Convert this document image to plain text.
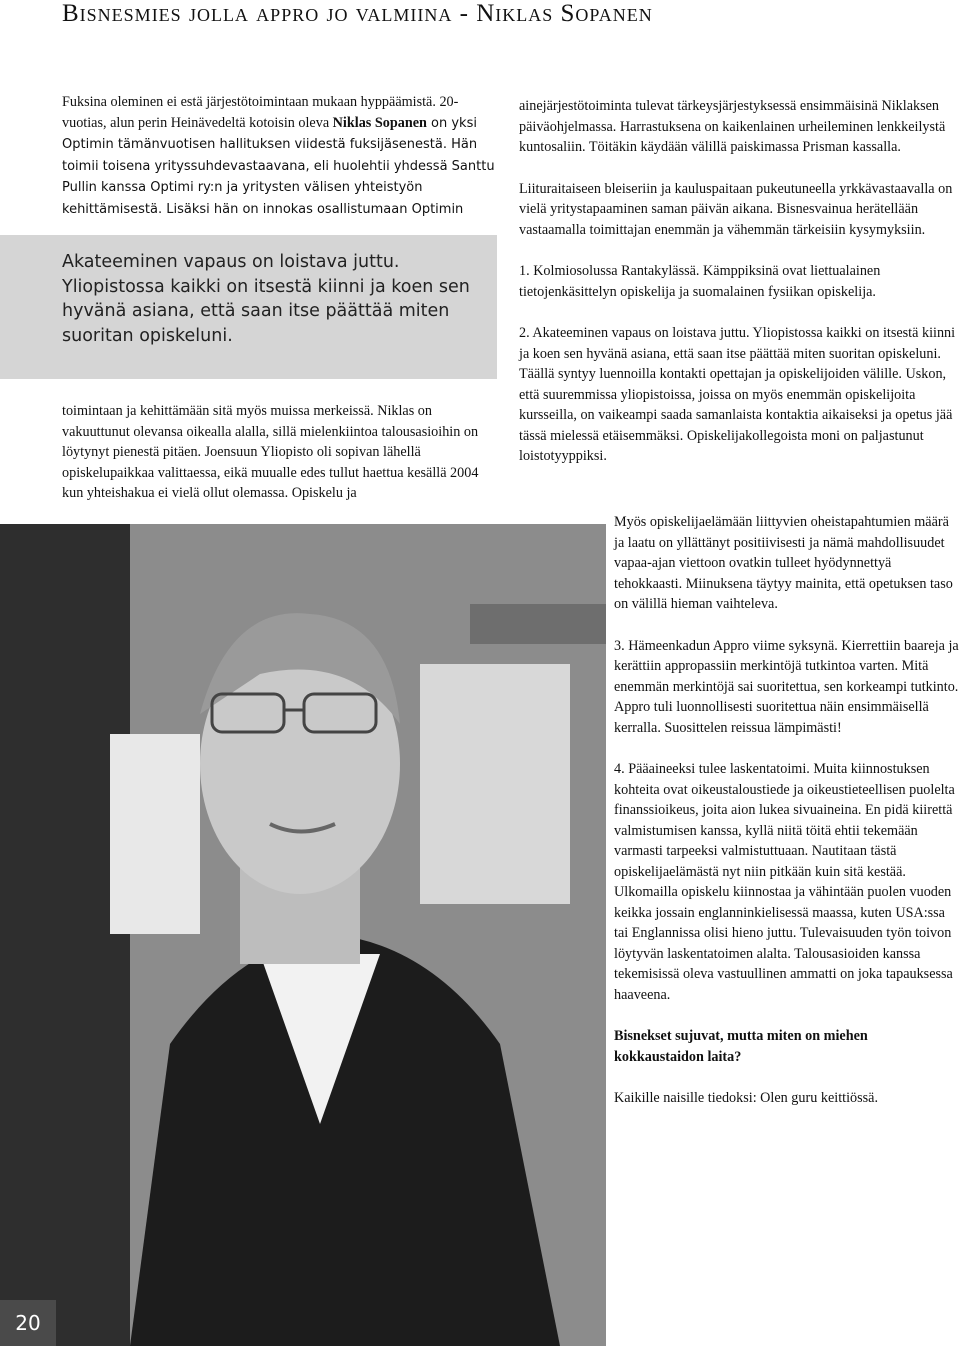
Bisnesmies jolla appro jo valmiina - Niklas Sopanen

Fuksina oleminen ei estä järjestötoimintaan mukaan hyppäämistä. 20-vuotias, alun perin Heinävedeltä kotoisin oleva Niklas Sopanen on yksi Optimin tämänvuotisen hallituksen viidestä fuksijäsenestä. Hän toimii toisena yrityssuhdevastaavana, eli huolehtii yhdessä Santtu Pullin kanssa Optimi ry:n ja yritysten välisen yhteistyön kehittämisestä. Lisäksi hän on innokas osallistumaan Optimin

Akateeminen vapaus on loistava juttu. Yliopistossa kaikki on itsestä kiinni ja koen sen hyvänä asiana, että saan itse päättää miten suoritan opiskeluni.

toimintaan ja kehittämään sitä myös muissa merkeissä. Niklas on vakuuttunut olevansa oikealla alalla, sillä mielenkiintoa talousasioihin on löytynyt pienestä pitäen. Joensuun Yliopisto oli sopivan lähellä opiskelupaikkaa valittaessa, eikä muualle edes tullut haettua kesällä 2004 kun yhteishakua ei vielä ollut olemassa. Opiskelu ja

ainejärjestötoiminta tulevat tärkeysjärjestyksessä ensimmäisinä Niklaksen päiväohjelmassa. Harrastuksena on kaikenlainen urheileminen lenkkeilystä kuntosaliin. Töitäkin käydään välillä paiskimassa Prisman kassalla.

Liituraitaiseen bleiseriin ja kauluspaitaan pukeutuneella yrkkävastaavalla on vielä yritystapaaminen saman päivän aikana. Bisnesvainua herätellään vastaamalla toimittajan enemmän ja vähemmän tärkeisiin kysymyksiin.

1. Kolmiosolussa Rantakylässä. Kämppiksinä ovat liettualainen tietojenkäsittelyn opiskelija ja suomalainen fysiikan opiskelija.

2. Akateeminen vapaus on loistava juttu. Yliopistossa kaikki on itsestä kiinni ja koen sen hyvänä asiana, että saan itse päättää miten suoritan opiskeluni. Täällä syntyy luennoilla kontakti opettajan ja opiskelijoiden välille. Uskon, että suuremmissa yliopistoissa, joissa on myös enemmän opiskelijoita kursseilla, on vaikeampi saada samanlaista kontaktia aikaiseksi ja opetus jää tässä mielessä etäisemmäksi. Opiskelijakollegoista moni on paljastunut loistotyyppiksi.

Myös opiskelijaelämään liittyvien oheistapahtumien määrä ja laatu on yllättänyt positiivisesti ja nämä mahdollisuudet vapaa-ajan viettoon ovatkin tulleet hyödynnettyä tehokkaasti. Miinuksena täytyy mainita, että opetuksen taso on välillä hieman vaihteleva.

3. Hämeenkadun Appro viime syksynä. Kierrettiin baareja ja kerättiin appropassiin merkintöjä tutkintoa varten. Mitä enemmän merkintöjä sai suoritettua, sen korkeampi tutkinto. Appro tuli luonnollisesti suoritettua näin ensimmäisellä kerralla. Suosittelen reissua lämpimästi!

4. Pääaineeksi tulee laskentatoimi. Muita kiinnostuksen kohteita ovat oikeustaloustiede ja oikeustieteellisen puolelta finanssioikeus, joita aion lukea sivuaineina. En pidä kiirettä valmistumisen kanssa, kyllä niitä töitä ehtii tekemään varmasti tarpeeksi valmistuttuaan. Nautitaan tästä opiskelijaelämästä nyt niin pitkään kuin sitä kestää. Ulkomailla opiskelu kiinnostaa ja vähintään puolen vuoden keikka jossain englanninkielisessä maassa, kuten USA:ssa tai Englannissa olisi hieno juttu. Tulevaisuuden työn toivon löytyvän laskentatoimen alalta. Talousasioiden kanssa tekemisissä oleva vastuullinen ammatti on joka tapauksessa haaveena.

Bisnekset sujuvat, mutta miten on miehen kokkaustaidon laita?

Kaikille naisille tiedoksi: Olen guru keittiössä.

20
